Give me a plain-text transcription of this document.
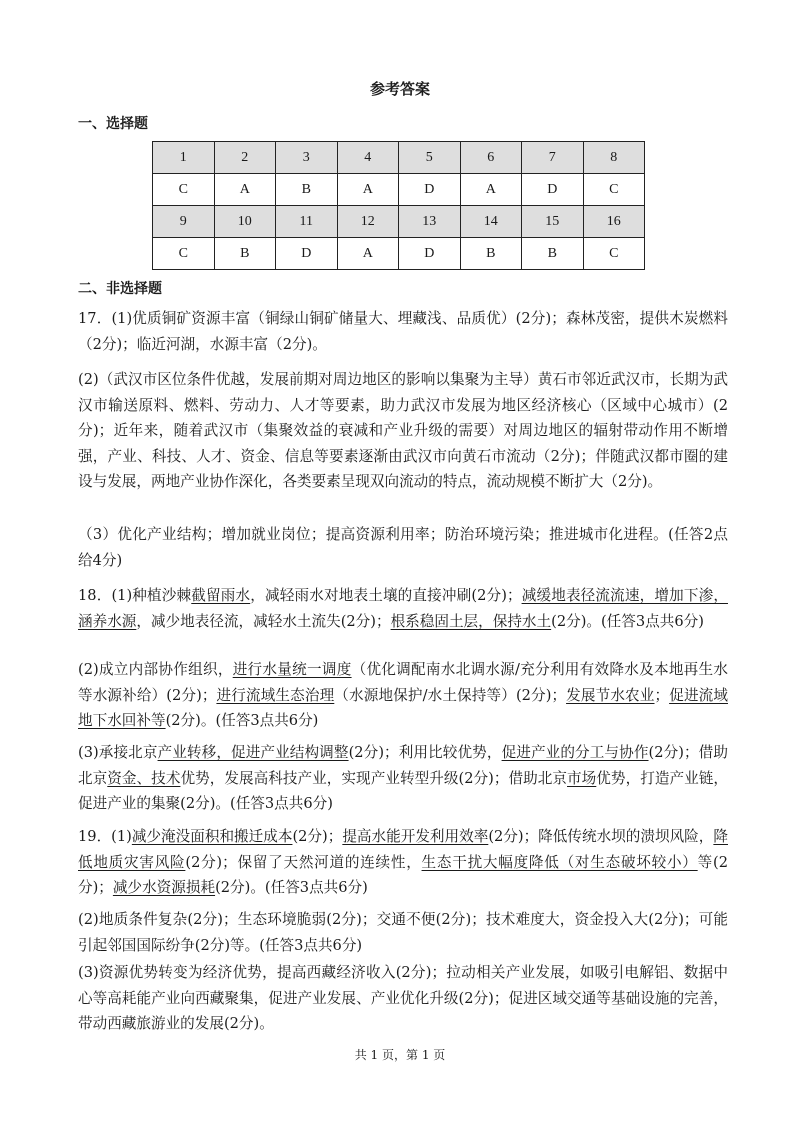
参考答案
一、选择题
1	2	3	4	5	6	7	8
C	A	B	A	D	A	D	C
9	10	11	12	13	14	15	16
C	B	D	A	D	B	B	C
二、非选择题
17．(1)优质铜矿资源丰富（铜绿山铜矿储量大、埋藏浅、品质优）(2分)；森林茂密，提供木炭燃料（2分)；临近河湖，水源丰富（2分)。
(2)（武汉市区位条件优越，发展前期对周边地区的影响以集聚为主导）黄石市邻近武汉市，长期为武汉市输送原料、燃料、劳动力、人才等要素，助力武汉市发展为地区经济核心（区域中心城市）(2分)；近年来，随着武汉市（集聚效益的衰减和产业升级的需要）对周边地区的辐射带动作用不断增强，产业、科技、人才、资金、信息等要素逐渐由武汉市向黄石市流动（2分)；伴随武汉都市圈的建设与发展，两地产业协作深化，各类要素呈现双向流动的特点，流动规模不断扩大（2分)。
（3）优化产业结构；增加就业岗位；提高资源利用率；防治环境污染；推进城市化进程。(任答2点给4分)
18．(1)种植沙棘截留雨水，减轻雨水对地表土壤的直接冲刷(2分)；减缓地表径流流速，增加下渗，涵养水源，减少地表径流，减轻水土流失(2分)；根系稳固土层，保持水土(2分)。(任答3点共6分)
(2)成立内部协作组织，进行水量统一调度（优化调配南水北调水源/充分利用有效降水及本地再生水等水源补给）(2分)；进行流域生态治理（水源地保护/水土保持等）(2分)；发展节水农业；促进流域地下水回补等(2分)。(任答3点共6分)
(3)承接北京产业转移，促进产业结构调整(2分)；利用比较优势，促进产业的分工与协作(2分)；借助北京资金、技术优势，发展高科技产业，实现产业转型升级(2分)；借助北京市场优势，打造产业链，促进产业的集聚(2分)。(任答3点共6分)
19．(1)减少淹没面积和搬迁成本(2分)；提高水能开发利用效率(2分)；降低传统水坝的溃坝风险，降低地质灾害风险(2分)；保留了天然河道的连续性，生态干扰大幅度降低（对生态破坏较小）等(2分)；减少水资源损耗(2分)。(任答3点共6分)
(2)地质条件复杂(2分)；生态环境脆弱(2分)；交通不便(2分)；技术难度大，资金投入大(2分)；可能引起邻国国际纷争(2分)等。(任答3点共6分)
(3)资源优势转变为经济优势，提高西藏经济收入(2分)；拉动相关产业发展，如吸引电解铝、数据中心等高耗能产业向西藏聚集，促进产业发展、产业优化升级(2分)；促进区域交通等基础设施的完善，带动西藏旅游业的发展(2分)。
共 1 页，第 1 页
